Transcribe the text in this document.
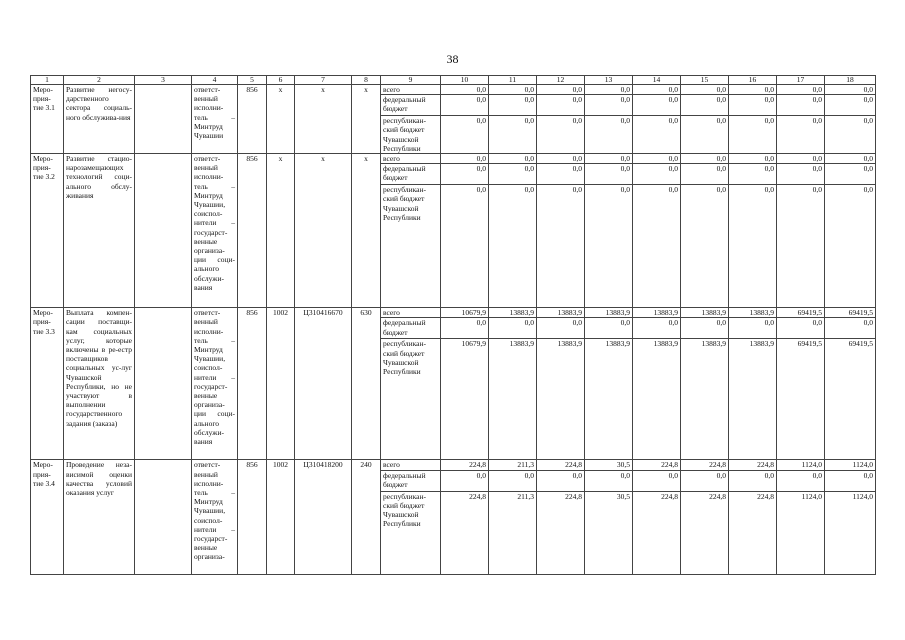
38
1	2	3	4	5	6	7	8	9	10	11	12	13	14	15	16	17	18
Меро-прия-тие 3.1	Развитие негосу-дарственного сектора социаль-ного обслужива-ния		ответст-венный исполни-тель – Минтруд Чувашии	856	x	x	x	всего	0,0	0,0	0,0	0,0	0,0	0,0	0,0	0,0	0,0
								федеральный бюджет	0,0	0,0	0,0	0,0	0,0	0,0	0,0	0,0	0,0
								республикан-ский бюджет Чувашской Республики	0,0	0,0	0,0	0,0	0,0	0,0	0,0	0,0	0,0
Меро-прия-тие 3.2	Развитие стацио-нарозамещающих технологий соци-ального обслу-живания		ответст-венный исполни-тель – Минтруд Чувашии, соиспол-нители – государст-венные организа-ции соци-ального обслужи-вания	856	x	x	x	всего	0,0	0,0	0,0	0,0	0,0	0,0	0,0	0,0	0,0
								федеральный бюджет	0,0	0,0	0,0	0,0	0,0	0,0	0,0	0,0	0,0
								республикан-ский бюджет Чувашской Республики	0,0	0,0	0,0	0,0	0,0	0,0	0,0	0,0	0,0
Меро-прия-тие 3.3	Выплата компен-сации поставщи-кам социальных услуг, которые включены в ре-естр поставщиков социальных ус-луг Чувашской Республики, но не участвуют в выполнении государственного задания (заказа)		ответст-венный исполни-тель – Минтруд Чувашии, соиспол-нители – государст-венные организа-ции соци-ального обслужи-вания	856	1002	Ц310416670	630	всего	10679,9	13883,9	13883,9	13883,9	13883,9	13883,9	13883,9	69419,5	69419,5
								федеральный бюджет	0,0	0,0	0,0	0,0	0,0	0,0	0,0	0,0	0,0
								республикан-ский бюджет Чувашской Республики	10679,9	13883,9	13883,9	13883,9	13883,9	13883,9	13883,9	69419,5	69419,5
Меро-прия-тие 3.4	Проведение неза-висимой оценки качества условий оказания услуг		ответст-венный исполни-тель – Минтруд Чувашии, соиспол-нители – государст-венные организа-	856	1002	Ц310418200	240	всего	224,8	211,3	224,8	30,5	224,8	224,8	224,8	1124,0	1124,0
								федеральный бюджет	0,0	0,0	0,0	0,0	0,0	0,0	0,0	0,0	0,0
								республикан-ский бюджет Чувашской Республики	224,8	211,3	224,8	30,5	224,8	224,8	224,8	1124,0	1124,0
